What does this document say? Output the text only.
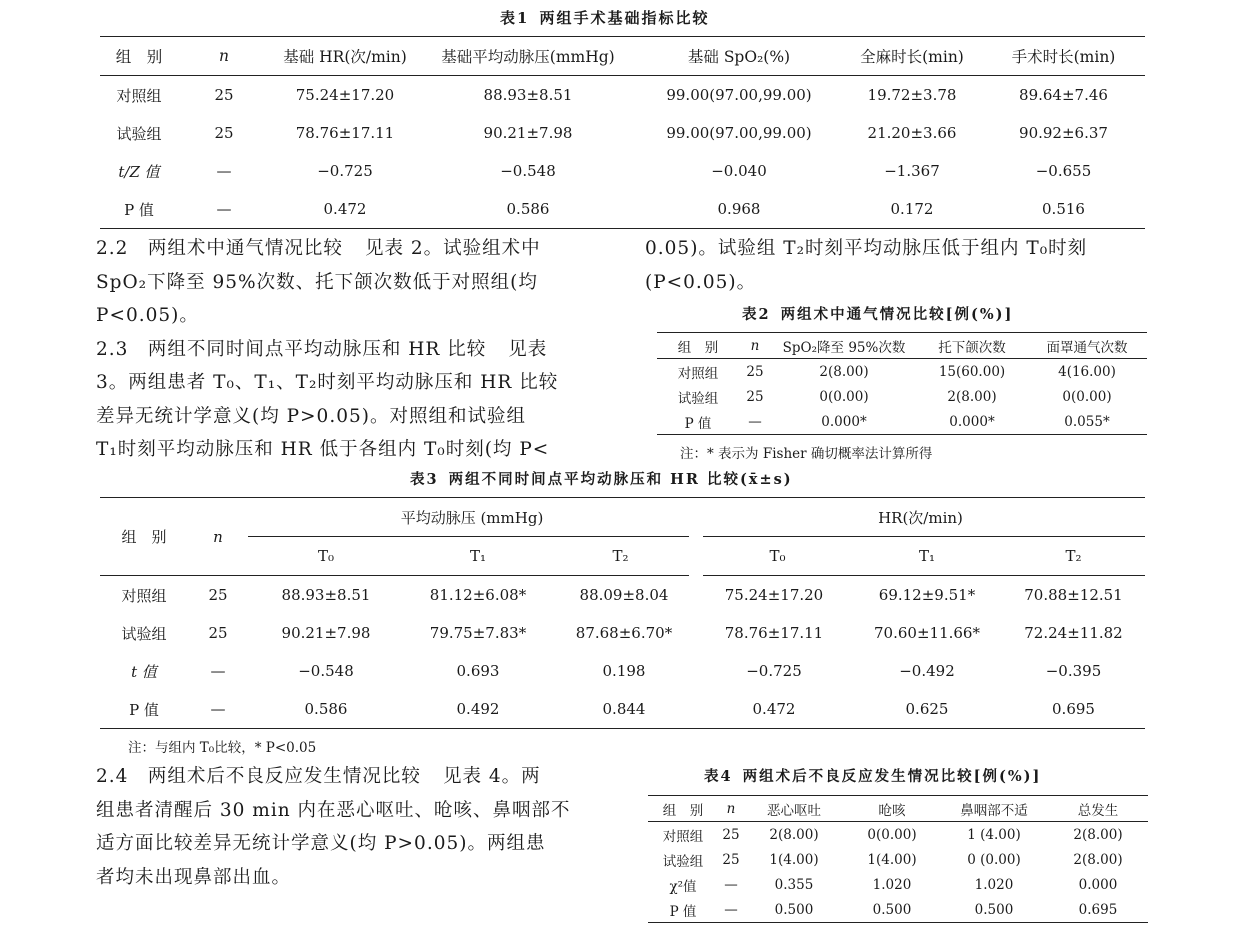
表1 两组手术基础指标比较
组　别	n	基础 HR(次/min)	基础平均动脉压(mmHg)	基础 SpO₂(%)	全麻时长(min)	手术时长(min)
对照组	25	75.24±17.20	88.93±8.51	99.00(97.00,99.00)	19.72±3.78	89.64±7.46
试验组	25	78.76±17.11	90.21±7.98	99.00(97.00,99.00)	21.20±3.66	90.92±6.37
t/Z 值	—	−0.725	−0.548	−0.040	−1.367	−0.655
P 值	—	0.472	0.586	0.968	0.172	0.516
2.2　两组术中通气情况比较 见表 2。试验组术中
SpO₂下降至 95%次数、托下颌次数低于对照组(均
P<0.05)。
2.3　两组不同时间点平均动脉压和 HR 比较 见表
3。两组患者 T₀、T₁、T₂时刻平均动脉压和 HR 比较
差异无统计学意义(均 P>0.05)。对照组和试验组
T₁时刻平均动脉压和 HR 低于各组内 T₀时刻(均 P<
0.05)。试验组 T₂时刻平均动脉压低于组内 T₀时刻
(P<0.05)。
表2 两组术中通气情况比较[例(%)]
组　别	n	SpO₂降至 95%次数	托下颌次数	面罩通气次数
对照组	25	2(8.00)	15(60.00)	4(16.00)
试验组	25	0(0.00)	2(8.00)	0(0.00)
P 值	—	0.000*	0.000*	0.055*
注：* 表示为 Fisher 确切概率法计算所得
表3 两组不同时间点平均动脉压和 HR 比较(x̄±s)
组　别	n	平均动脉压 (mmHg)			HR(次/min)		
		T₀	T₁	T₂	T₀	T₁	T₂
对照组	25	88.93±8.51	81.12±6.08*	88.09±8.04	75.24±17.20	69.12±9.51*	70.88±12.51
试验组	25	90.21±7.98	79.75±7.83*	87.68±6.70*	78.76±17.11	70.60±11.66*	72.24±11.82
t 值	—	−0.548	0.693	0.198	−0.725	−0.492	−0.395
P 值	—	0.586	0.492	0.844	0.472	0.625	0.695
注：与组内 T₀比较，* P<0.05
2.4　两组术后不良反应发生情况比较 见表 4。两
组患者清醒后 30 min 内在恶心呕吐、呛咳、鼻咽部不
适方面比较差异无统计学意义(均 P>0.05)。两组患
者均未出现鼻部出血。
表4 两组术后不良反应发生情况比较[例(%)]
组　别	n	恶心呕吐	呛咳	鼻咽部不适	总发生
对照组	25	2(8.00)	0(0.00)	1 (4.00)	2(8.00)
试验组	25	1(4.00)	1(4.00)	0 (0.00)	2(8.00)
χ²值	—	0.355	1.020	1.020	0.000
P 值	—	0.500	0.500	0.500	0.695
